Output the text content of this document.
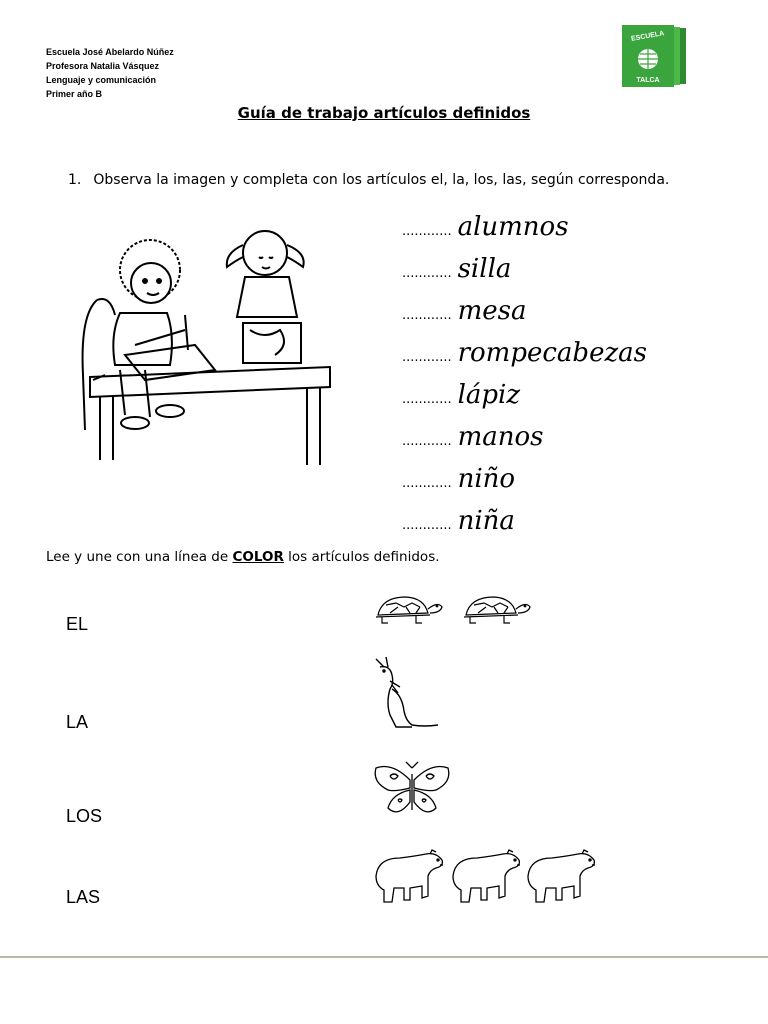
Escuela José Abelardo Núñez
Profesora Natalia Vásquez
Lenguaje y comunicación
Primer año B
ESCUELA
TALCA
Guía de trabajo artículos definidos
1. Observa la imagen y completa con los artículos el, la, los, las, según corresponda.
............ alumnos
............ silla
............ mesa
............ rompecabezas
............ lápiz
............ manos
............ niño
............ niña
Lee y une con una línea de COLOR los artículos definidos.
EL
LA
LOS
LAS
